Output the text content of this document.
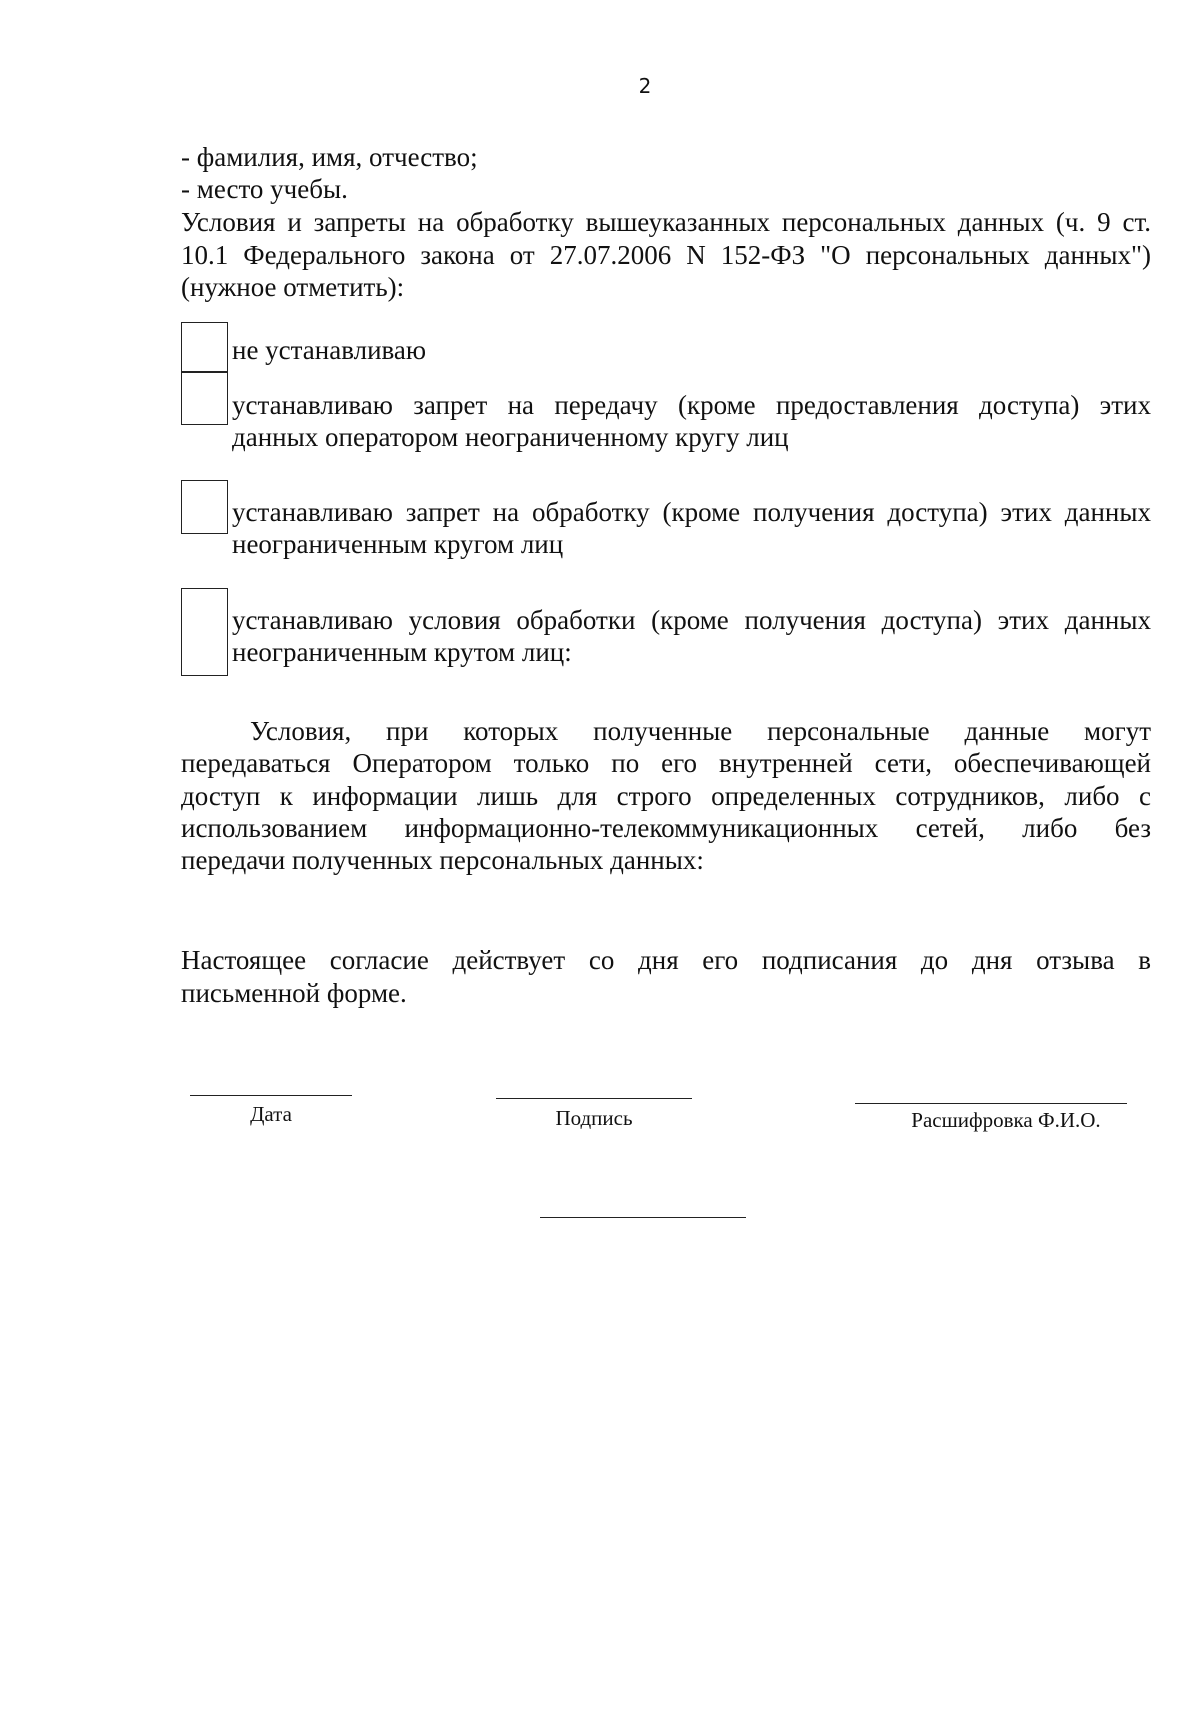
2
- фамилия, имя, отчество;
- место учебы.
Условия и запреты на обработку вышеуказанных персональных данных (ч. 9 ст.
10.1 Федерального закона от 27.07.2006 N 152-ФЗ "О персональных данных")
(нужное отметить):
не устанавливаю
устанавливаю запрет на передачу (кроме предоставления доступа) этих
данных оператором неограниченному кругу лиц
устанавливаю запрет на обработку (кроме получения доступа) этих данных
неограниченным кругом лиц
устанавливаю условия обработки (кроме получения доступа) этих данных
неограниченным крутом лиц:
Условия, при которых полученные персональные данные могут
передаваться Оператором только по его внутренней сети, обеспечивающей
доступ к информации лишь для строго определенных сотрудников, либо с
использованием информационно-телекоммуникационных сетей, либо без
передачи полученных персональных данных:
Настоящее согласие действует со дня его подписания до дня отзыва в
письменной форме.
Дата	Подпись	Расшифровка Ф.И.О.
